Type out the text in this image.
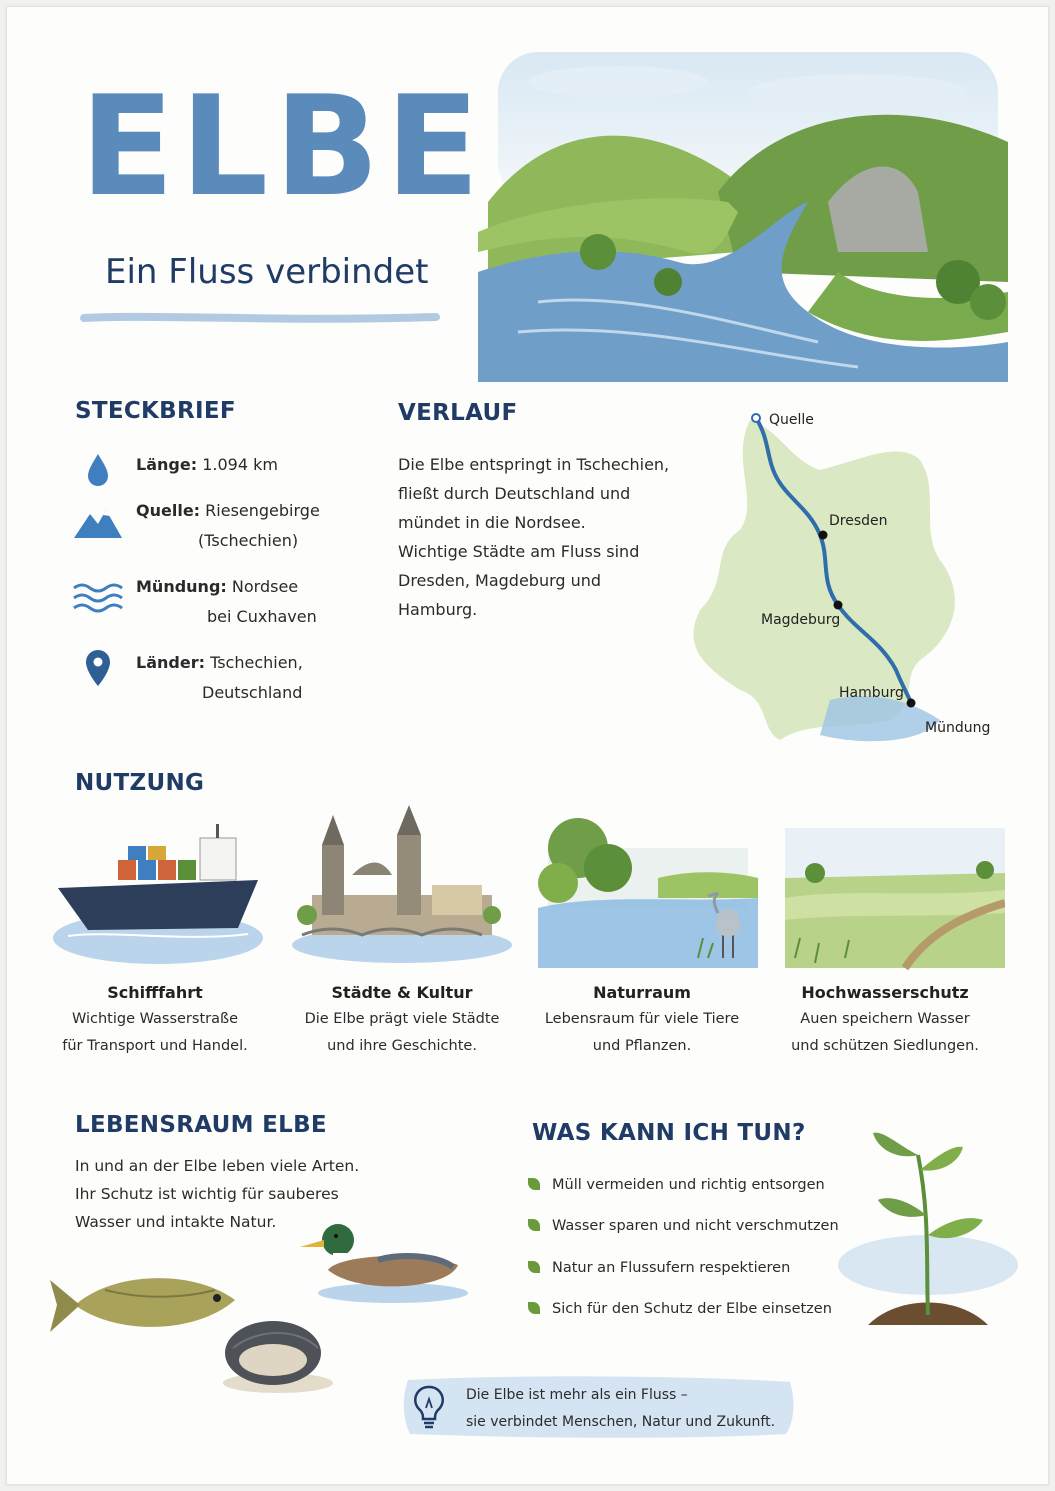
ELBE
Ein Fluss verbindet
STECKBRIEF
Länge: 1.094 km
Quelle: Riesengebirge
(Tschechien)
Mündung: Nordsee
bei Cuxhaven
Länder: Tschechien,
Deutschland
VERLAUF
Die Elbe entspringt in Tschechien,
fließt durch Deutschland und
mündet in die Nordsee.
Wichtige Städte am Fluss sind
Dresden, Magdeburg und
Hamburg.
Quelle
Dresden
Magdeburg
Hamburg
Mündung
NUTZUNG
Schifffahrt
Wichtige Wasserstraße
für Transport und Handel.
Städte & Kultur
Die Elbe prägt viele Städte
und ihre Geschichte.
Naturraum
Lebensraum für viele Tiere
und Pflanzen.
Hochwasserschutz
Auen speichern Wasser
und schützen Siedlungen.
LEBENSRAUM ELBE
In und an der Elbe leben viele Arten.
Ihr Schutz ist wichtig für sauberes
Wasser und intakte Natur.
WAS KANN ICH TUN?
Müll vermeiden und richtig entsorgen
Wasser sparen und nicht verschmutzen
Natur an Flussufern respektieren
Sich für den Schutz der Elbe einsetzen
Die Elbe ist mehr als ein Fluss –
sie verbindet Menschen, Natur und Zukunft.
